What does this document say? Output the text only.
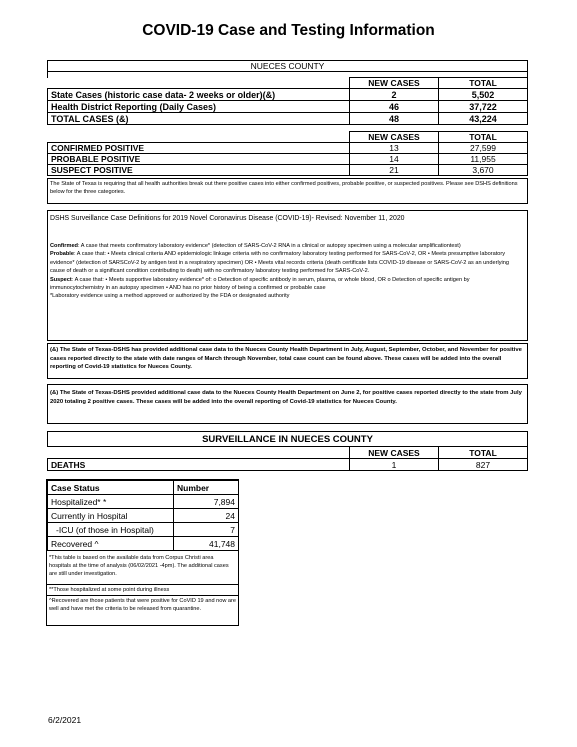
COVID-19 Case and Testing Information
NUECES COUNTY		

	NEW CASES	TOTAL
State Cases (historic case data- 2 weeks or older)(&)	2	5,502
Health District Reporting (Daily Cases)	46	37,722
TOTAL CASES (&)	48	43,224
	NEW CASES	TOTAL
CONFIRMED POSITIVE	13	27,599
PROBABLE POSITIVE	14	11,955
SUSPECT POSITIVE	21	3,670
The State of Texas is requiring that all health authorities break out there positive cases into either confirmed positives, probable positive, or suspected positives. Please see DSHS definitions below for the three categories.
DSHS Surveillance Case Definitions for 2019 Novel Coronavirus Disease (COVID-19)- Revised: November 11, 2020
Confirmed: A case that meets confirmatory laboratory evidence* (detection of SARS-CoV-2 RNA in a clinical or autopsy specimen using a molecular amplificationtest)
Probable: A case that: • Meets clinical criteria AND epidemiologic linkage criteria with no confirmatory laboratory testing performed for SARS-CoV-2, OR • Meets presumptive laboratory evidence* (detection of SARSCoV-2 by antigen test in a respiratory specimen) OR • Meets vital records criteria (death certificate lists COVID-19 disease or SARS-CoV-2 as an underlying cause of death or a significant condition contributing to death) with no confirmatory laboratory testing performed for SARS-CoV-2.
Suspect: A case that: • Meets supportive laboratory evidence* of: o Detection of specific antibody in serum, plasma, or whole blood, OR o Detection of specific antigen by immunocytochemistry in an autopsy specimen • AND has no prior history of being a confirmed or probable case
*Laboratory evidence using a method approved or authorized by the FDA or designated authority
(&) The State of Texas-DSHS has provided additional case data to the Nueces County Health Department in July, August, September, October, and November for positive cases reported directly to the state with date ranges of March through November, total case count can be found above. These cases will be added into the overall reporting of Covid-19 statistics for Nueces County.
(&) The State of Texas-DSHS provided additional case data to the Nueces County Health Department on June 2, for positive cases reported directly to the state from July 2020 totaling 2 positive cases. These cases will be added into the overall reporting of Covid-19 statistics for Nueces County.
SURVEILLANCE IN NUECES COUNTY		
	NEW CASES	TOTAL
DEATHS	1	827
Case Status	Number
Hospitalized* *	7,894
Currently in Hospital	24
-ICU (of those in Hospital)	7
Recovered ^	41,748
*This table is based on the available data from Corpus Christi area hospitals at the time of analysis (06/02/2021 -4pm). The additional cases are still under investigation.
**Those hospitalized at some point during illness
^Recovered are those patients that were positive for CoVID 19 and now are well and have met the criteria to be released from quarantine.
6/2/2021
